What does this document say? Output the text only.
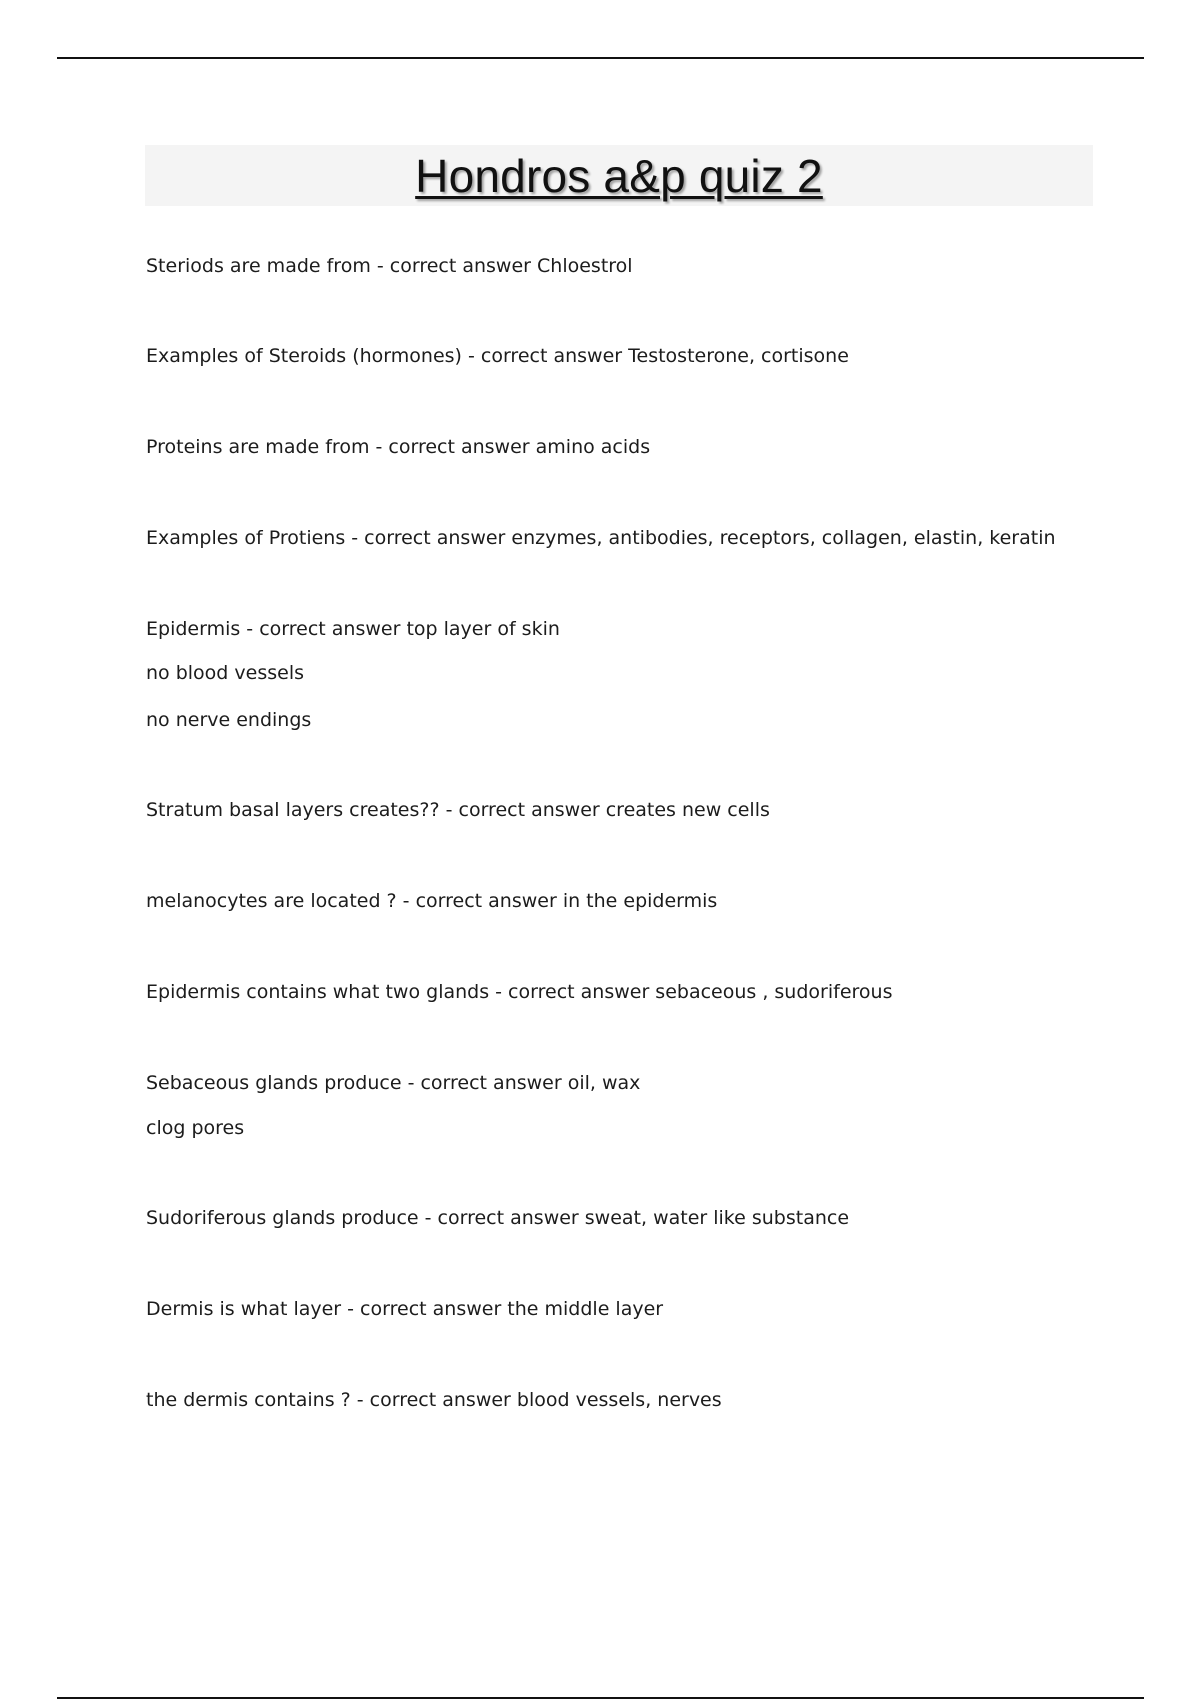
Hondros a&p quiz 2
Steriods are made from - correct answer Chloestrol
Examples of Steroids (hormones) - correct answer Testosterone, cortisone
Proteins are made from - correct answer amino acids
Examples of Protiens - correct answer enzymes, antibodies, receptors, collagen, elastin, keratin
Epidermis - correct answer top layer of skin
no blood vessels
no nerve endings
Stratum basal layers creates?? - correct answer creates new cells
melanocytes are located ? - correct answer in the epidermis
Epidermis contains what two glands - correct answer sebaceous , sudoriferous
Sebaceous glands produce - correct answer oil, wax
clog pores
Sudoriferous glands produce - correct answer sweat, water like substance
Dermis is what layer - correct answer the middle layer
the dermis contains ? - correct answer blood vessels, nerves
